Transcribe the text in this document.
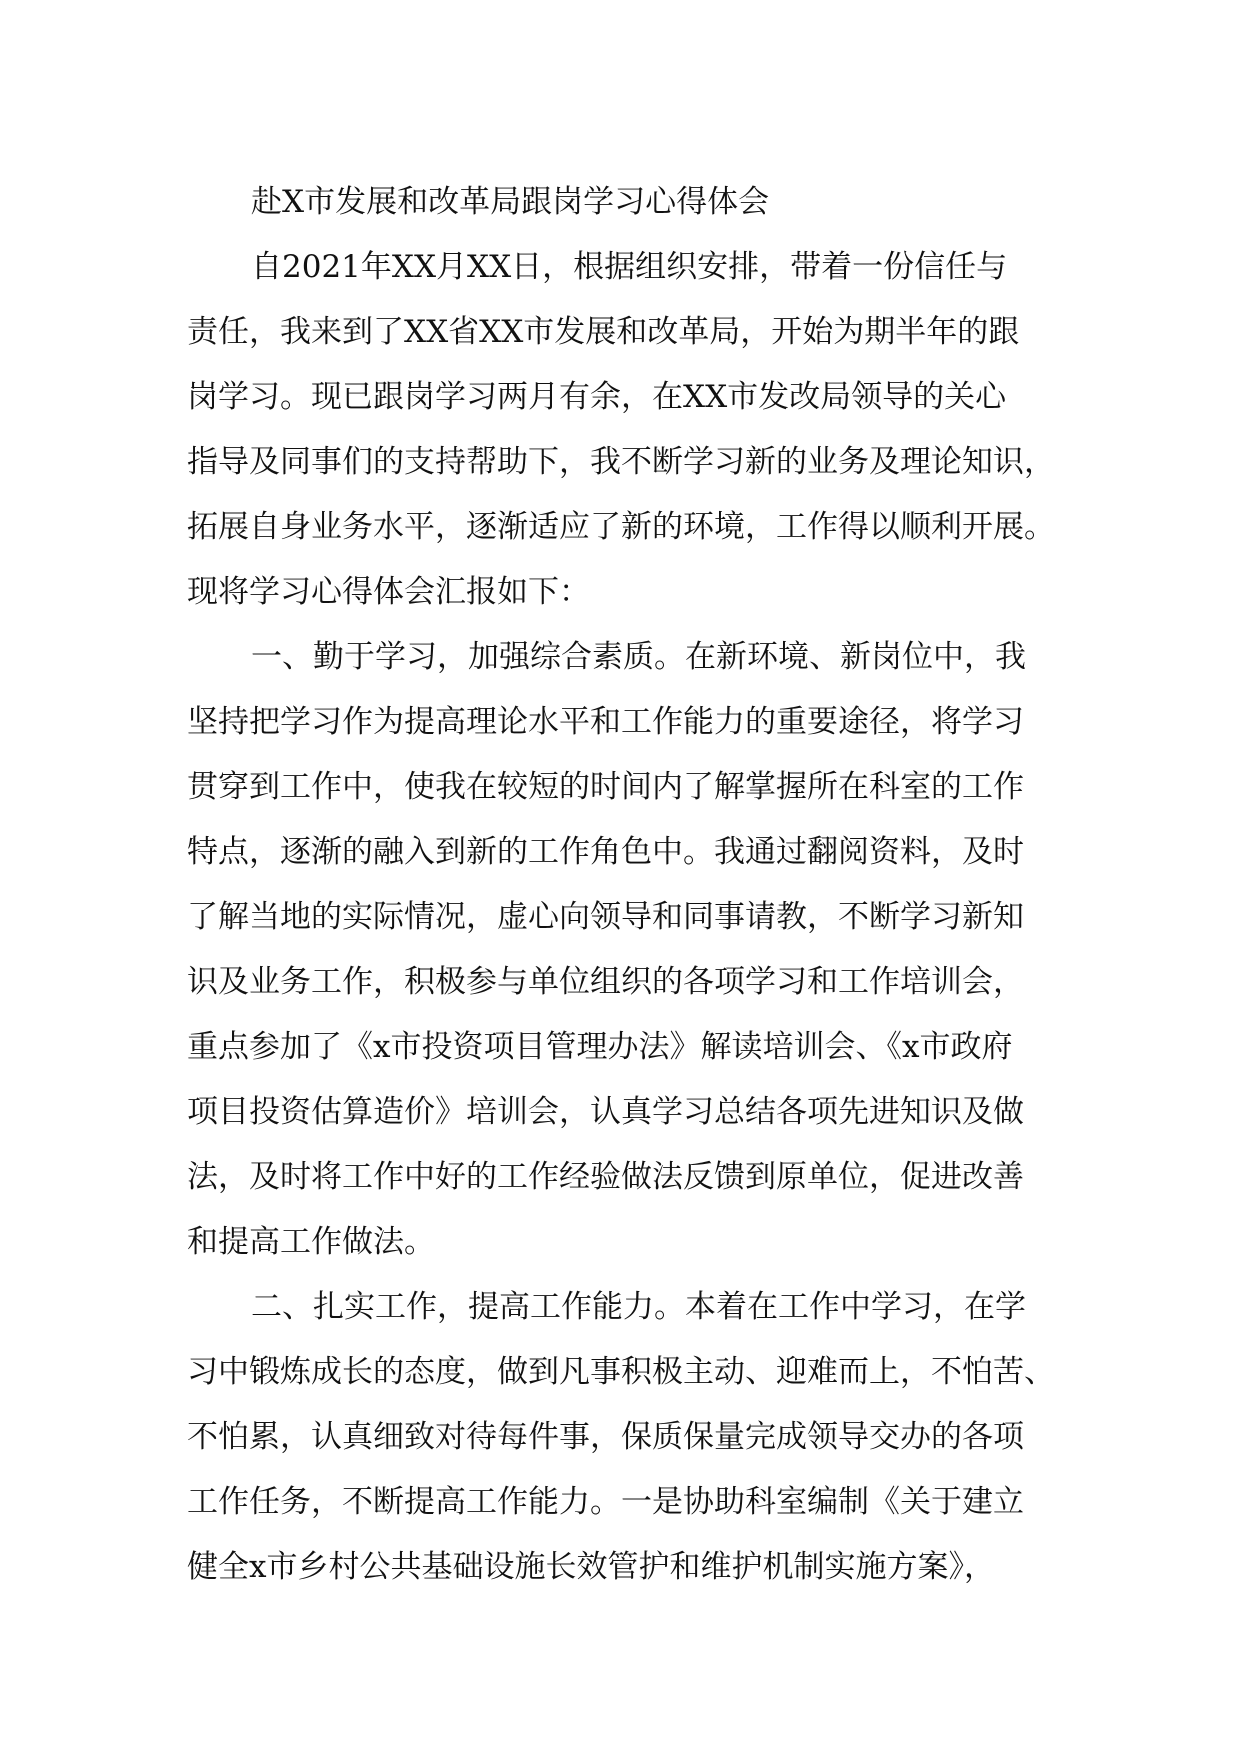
赴X市发展和改革局跟岗学习心得体会
自2021年XX月XX日，根据组织安排，带着一份信任与
责任，我来到了XX省XX市发展和改革局，开始为期半年的跟
岗学习。现已跟岗学习两月有余，在XX市发改局领导的关心
指导及同事们的支持帮助下，我不断学习新的业务及理论知识，
拓展自身业务水平，逐渐适应了新的环境，工作得以顺利开展。
现将学习心得体会汇报如下：
一、勤于学习，加强综合素质。在新环境、新岗位中，我
坚持把学习作为提高理论水平和工作能力的重要途径，将学习
贯穿到工作中，使我在较短的时间内了解掌握所在科室的工作
特点，逐渐的融入到新的工作角色中。我通过翻阅资料，及时
了解当地的实际情况，虚心向领导和同事请教，不断学习新知
识及业务工作，积极参与单位组织的各项学习和工作培训会，
重点参加了《x市投资项目管理办法》解读培训会、《x市政府
项目投资估算造价》培训会，认真学习总结各项先进知识及做
法，及时将工作中好的工作经验做法反馈到原单位，促进改善
和提高工作做法。
二、扎实工作，提高工作能力。本着在工作中学习，在学
习中锻炼成长的态度，做到凡事积极主动、迎难而上，不怕苦、
不怕累，认真细致对待每件事，保质保量完成领导交办的各项
工作任务，不断提高工作能力。一是协助科室编制《关于建立
健全x市乡村公共基础设施长效管护和维护机制实施方案》，
